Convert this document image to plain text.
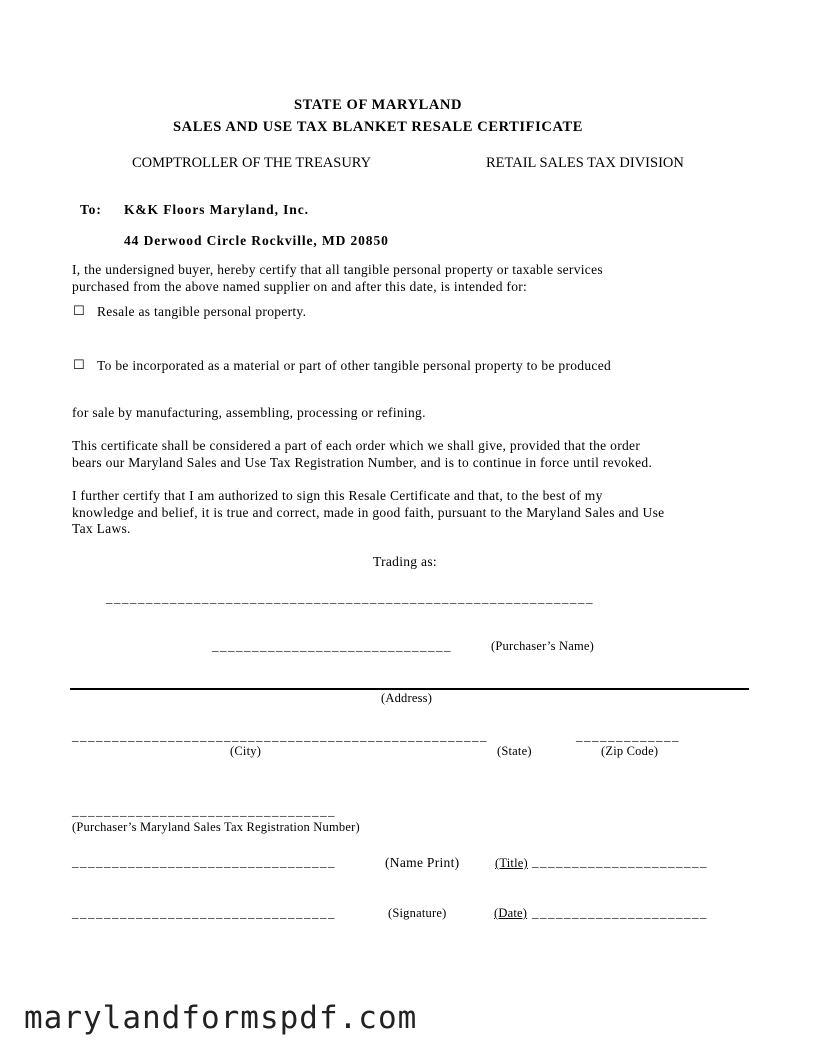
STATE OF MARYLAND
SALES AND USE TAX BLANKET RESALE CERTIFICATE
COMPTROLLER OF THE TREASURY	RETAIL SALES TAX DIVISION
To: K&K Floors Maryland, Inc.
44 Derwood Circle Rockville, MD 20850
I, the undersigned buyer, hereby certify that all tangible personal property or taxable services
purchased from the above named supplier on and after this date, is intended for:
☐ Resale as tangible personal property.
☐ To be incorporated as a material or part of other tangible personal property to be produced
for sale by manufacturing, assembling, processing or refining.
This certificate shall be considered a part of each order which we shall give, provided that the order
bears our Maryland Sales and Use Tax Registration Number, and is to continue in force until revoked.
I further certify that I am authorized to sign this Resale Certificate and that, to the best of my
knowledge and belief, it is true and correct, made in good faith, pursuant to the Maryland Sales and Use
Tax Laws.
Trading as:
_____________________________________________________________
______________________________	(Purchaser’s Name)
(Address)
____________________________________________________	_____________
(City)	(State)	(Zip Code)
_________________________________
(Purchaser’s Maryland Sales Tax Registration Number)
_________________________________	(Name Print)	(Title) ______________________
_________________________________	(Signature)	(Date) ______________________
marylandformspdf.com
